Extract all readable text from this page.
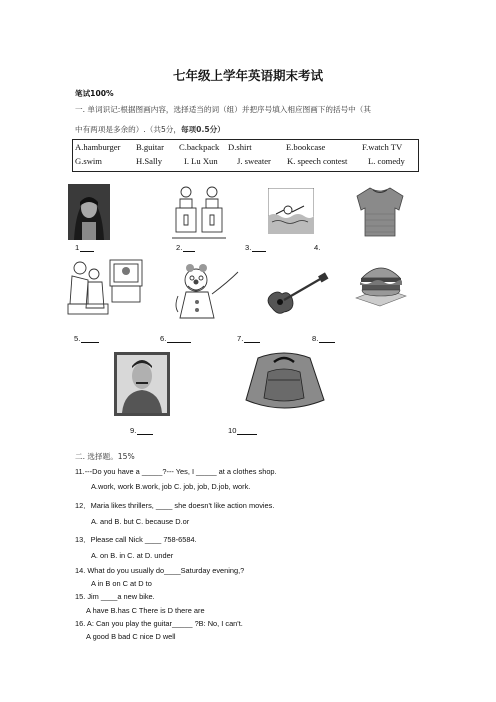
七年级上学年英语期末考试
笔试100%
一. 单词识记:根据图画内容，选择适当的词（组）并把序号填入相应图画下的括号中（其
中有两项是多余的）.（共5分，每项0.5分）
A.hamburger B.guitar C.backpack D.shirt	E.bookcase	F.watch TV
G.swim	H.Sally	I. Lu Xun J. sweater K. speech contest L. comedy
1	2.	3.	4.
5.	6.	7.	8.
9.	10
二. 选择题。15%
11.---Do you have a _____?--- Yes, I _____ at a clothes shop.
A.work, work B.work, job C. job, job, D.job, work.
12．Maria likes thrillers, ____ she doesn't like action movies.
A. and B. but C. because D.or
13．Please call Nick ____ 758-6584.
A. on B. in C. at D. under
14. What do you usually do____Saturday evening,?
A in B on C at D to
15. Jim ____a new bike.
A have B.has C There is D there are
16. A: Can you play the guitar_____ ?B: No, I can't.
A good B bad C nice D well
